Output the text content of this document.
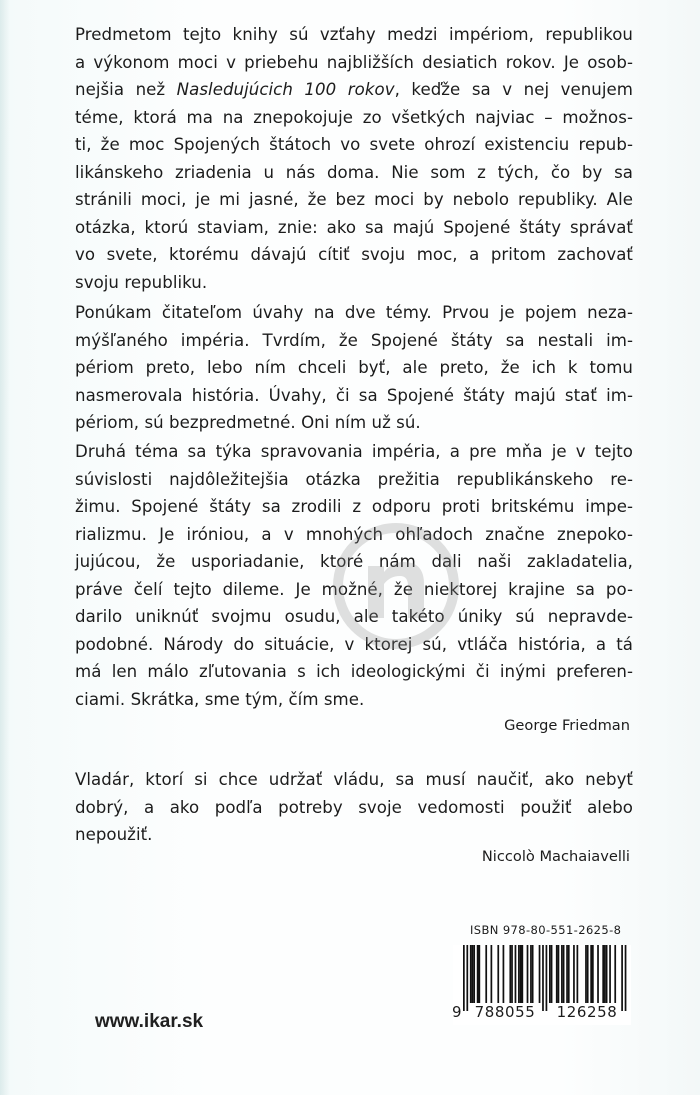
Predmetom tejto knihy sú vzťahy medzi impériom, republikou
a výkonom moci v priebehu najbližších desiatich rokov. Je osob-
nejšia než Nasledujúcich 100 rokov, keďže sa v nej venujem
téme, ktorá ma na znepokojuje zo všetkých najviac – možnos-
ti, že moc Spojených štátoch vo svete ohrozí existenciu repub-
likánskeho zriadenia u nás doma. Nie som z tých, čo by sa
stránili moci, je mi jasné, že bez moci by nebolo republiky. Ale
otázka, ktorú staviam, znie: ako sa majú Spojené štáty správať
vo svete, ktorému dávajú cítiť svoju moc, a pritom zachovať
svoju republiku.
Ponúkam čitateľom úvahy na dve témy. Prvou je pojem neza-
mýšľaného impéria. Tvrdím, že Spojené štáty sa nestali im-
périom preto, lebo ním chceli byť, ale preto, že ich k tomu
nasmerovala história. Úvahy, či sa Spojené štáty majú stať im-
périom, sú bezpredmetné. Oni ním už sú.
Druhá téma sa týka spravovania impéria, a pre mňa je v tejto
súvislosti najdôležitejšia otázka prežitia republikánskeho re-
žimu. Spojené štáty sa zrodili z odporu proti britskému impe-
rializmu. Je iróniou, a v mnohých ohľadoch značne znepoko-
jujúcou, že usporiadanie, ktoré nám dali naši zakladatelia,
práve čelí tejto dileme. Je možné, že niektorej krajine sa po-
darilo uniknúť svojmu osudu, ale takéto úniky sú nepravde-
podobné. Národy do situácie, v ktorej sú, vtláča história, a tá
má len málo zľutovania s ich ideologickými či inými preferen-
ciami. Skrátka, sme tým, čím sme.
George Friedman
Vladár, ktorí si chce udržať vládu, sa musí naučiť, ako nebyť
dobrý, a ako podľa potreby svoje vedomosti použiť alebo
nepoužiť.
Niccolò Machaiavelli
ISBN 978-80-551-2625-8
9 788055	126258
www.ikar.sk
